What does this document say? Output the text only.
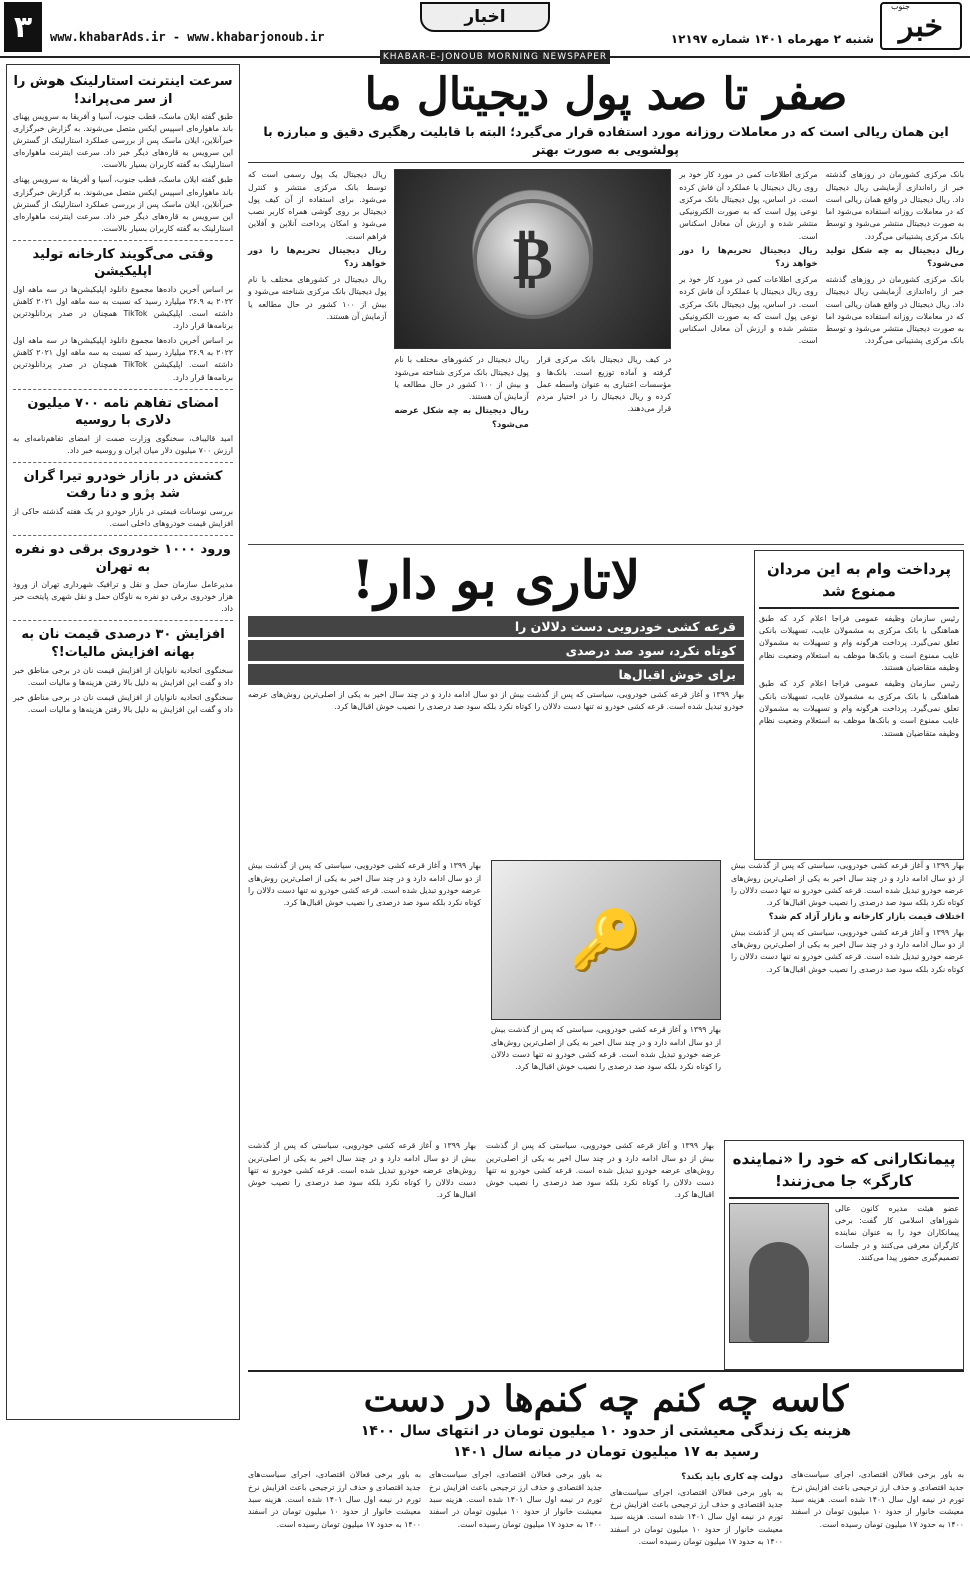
خبر
جنوب
شنبه ۲ مهرماه ۱۴۰۱ شماره ۱۲۱۹۷
اخبار
www.khabarAds.ir - www.khabarjonoub.ir
۳
KHABAR-E-JONOUB MORNING NEWSPAPER
سرعت اینترنت استارلینک هوش را از سر می‌پراند!

طبق گفته ایلان ماسک، قطب جنوب، آسیا و آفریقا به سرویس پهنای باند ماهواره‌ای اسپیس ایکس متصل می‌شوند. به گزارش خبرگزاری خبرآنلاین، ایلان ماسک پس از بررسی عملکرد استارلینک از گسترش این سرویس به قاره‌های دیگر خبر داد. سرعت اینترنت ماهواره‌ای استارلینک به گفته کاربران بسیار بالاست.

طبق گفته ایلان ماسک، قطب جنوب، آسیا و آفریقا به سرویس پهنای باند ماهواره‌ای اسپیس ایکس متصل می‌شوند. به گزارش خبرگزاری خبرآنلاین، ایلان ماسک پس از بررسی عملکرد استارلینک از گسترش این سرویس به قاره‌های دیگر خبر داد. سرعت اینترنت ماهواره‌ای استارلینک به گفته کاربران بسیار بالاست.

وقتی می‌گویند کارخانه تولید اپلیکیشن

بر اساس آخرین داده‌ها مجموع دانلود اپلیکیشن‌ها در سه ماهه اول ۲۰۲۲ به ۳۶.۹ میلیارد رسید که نسبت به سه ماهه اول ۲۰۲۱ کاهش داشته است. اپلیکیشن TikTok همچنان در صدر پردانلودترین برنامه‌ها قرار دارد.

بر اساس آخرین داده‌ها مجموع دانلود اپلیکیشن‌ها در سه ماهه اول ۲۰۲۲ به ۳۶.۹ میلیارد رسید که نسبت به سه ماهه اول ۲۰۲۱ کاهش داشته است. اپلیکیشن TikTok همچنان در صدر پردانلودترین برنامه‌ها قرار دارد.

امضای تفاهم نامه ۷۰۰ میلیون دلاری با روسیه

امید قالیباف، سخنگوی وزارت صمت از امضای تفاهم‌نامه‌ای به ارزش ۷۰۰ میلیون دلار میان ایران و روسیه خبر داد.

کشش در بازار خودرو تیرا گران شد پژو و دنا رفت

بررسی نوسانات قیمتی در بازار خودرو در یک هفته گذشته حاکی از افزایش قیمت خودروهای داخلی است.

ورود ۱۰۰۰ خودروی برقی دو نفره به تهران

مدیرعامل سازمان حمل و نقل و ترافیک شهرداری تهران از ورود هزار خودروی برقی دو نفره به ناوگان حمل و نقل شهری پایتخت خبر داد.

افزایش ۳۰ درصدی قیمت نان به بهانه افزایش مالیات!؟

سخنگوی اتحادیه نانوایان از افزایش قیمت نان در برخی مناطق خبر داد و گفت این افزایش به دلیل بالا رفتن هزینه‌ها و مالیات است.

سخنگوی اتحادیه نانوایان از افزایش قیمت نان در برخی مناطق خبر داد و گفت این افزایش به دلیل بالا رفتن هزینه‌ها و مالیات است.

صفر تا صد پول دیجیتال ما
این همان ریالی است که در معاملات روزانه مورد استفاده قرار می‌گیرد؛ البته با قابلیت رهگیری دقیق و مبارزه با پولشویی به صورت بهتر
بانک مرکزی کشورمان در روزهای گذشته خبر از راه‌اندازی آزمایشی ریال دیجیتال داد. ریال دیجیتال در واقع همان ریالی است که در معاملات روزانه استفاده می‌شود اما به صورت دیجیتال منتشر می‌شود و توسط بانک مرکزی پشتیبانی می‌گردد.
ریال دیجیتال به چه شکل تولید می‌شود؟
بانک مرکزی کشورمان در روزهای گذشته خبر از راه‌اندازی آزمایشی ریال دیجیتال داد. ریال دیجیتال در واقع همان ریالی است که در معاملات روزانه استفاده می‌شود اما به صورت دیجیتال منتشر می‌شود و توسط بانک مرکزی پشتیبانی می‌گردد.
مرکزی اطلاعات کمی در مورد کار خود بر روی ریال دیجیتال یا عملکرد آن فاش کرده است. در اساس، پول دیجیتال بانک مرکزی نوعی پول است که به صورت الکترونیکی منتشر شده و ارزش آن معادل اسکناس است.
ریال دیجیتال تحریم‌ها را دور خواهد زد؟
مرکزی اطلاعات کمی در مورد کار خود بر روی ریال دیجیتال یا عملکرد آن فاش کرده است. در اساس، پول دیجیتال بانک مرکزی نوعی پول است که به صورت الکترونیکی منتشر شده و ارزش آن معادل اسکناس است.
₿
در کیف ریال دیجیتال بانک مرکزی قرار گرفته و آماده توزیع است. بانک‌ها و مؤسسات اعتباری به عنوان واسطه عمل کرده و ریال دیجیتال را در اختیار مردم قرار می‌دهند.
ریال دیجیتال در کشورهای مختلف با نام پول دیجیتال بانک مرکزی شناخته می‌شود و بیش از ۱۰۰ کشور در حال مطالعه یا آزمایش آن هستند.
ریال دیجیتال به چه شکل عرضه می‌شود؟
ریال دیجیتال یک پول رسمی است که توسط بانک مرکزی منتشر و کنترل می‌شود. برای استفاده از آن کیف پول دیجیتال بر روی گوشی همراه کاربر نصب می‌شود و امکان پرداخت آنلاین و آفلاین فراهم است.
ریال دیجیتال تحریم‌ها را دور خواهد زد؟
ریال دیجیتال در کشورهای مختلف با نام پول دیجیتال بانک مرکزی شناخته می‌شود و بیش از ۱۰۰ کشور در حال مطالعه یا آزمایش آن هستند.
پرداخت وام به این مردان ممنوع شد
رئیس سازمان وظیفه عمومی فراجا اعلام کرد که طبق هماهنگی با بانک مرکزی به مشمولان غایب، تسهیلات بانکی تعلق نمی‌گیرد. پرداخت هرگونه وام و تسهیلات به مشمولان غایب ممنوع است و بانک‌ها موظف به استعلام وضعیت نظام وظیفه متقاضیان هستند.
رئیس سازمان وظیفه عمومی فراجا اعلام کرد که طبق هماهنگی با بانک مرکزی به مشمولان غایب، تسهیلات بانکی تعلق نمی‌گیرد. پرداخت هرگونه وام و تسهیلات به مشمولان غایب ممنوع است و بانک‌ها موظف به استعلام وضعیت نظام وظیفه متقاضیان هستند.
لاتاری بو دار!
قرعه کشی خودرویی دست دلالان را
کوتاه نکرد، سود صد درصدی
برای خوش اقبال‌ها
بهار ۱۳۹۹ و آغاز قرعه کشی خودرویی، سیاستی که پس از گذشت بیش از دو سال ادامه دارد و در چند سال اخیر به یکی از اصلی‌ترین روش‌های عرضه خودرو تبدیل شده است. قرعه کشی خودرو نه تنها دست دلالان را کوتاه نکرد بلکه سود صد درصدی را نصیب خوش اقبال‌ها کرد.
بهار ۱۳۹۹ و آغاز قرعه کشی خودرویی، سیاستی که پس از گذشت بیش از دو سال ادامه دارد و در چند سال اخیر به یکی از اصلی‌ترین روش‌های عرضه خودرو تبدیل شده است. قرعه کشی خودرو نه تنها دست دلالان را کوتاه نکرد بلکه سود صد درصدی را نصیب خوش اقبال‌ها کرد.
اختلاف قیمت بازار کارخانه و بازار آزاد کم شد؟
بهار ۱۳۹۹ و آغاز قرعه کشی خودرویی، سیاستی که پس از گذشت بیش از دو سال ادامه دارد و در چند سال اخیر به یکی از اصلی‌ترین روش‌های عرضه خودرو تبدیل شده است. قرعه کشی خودرو نه تنها دست دلالان را کوتاه نکرد بلکه سود صد درصدی را نصیب خوش اقبال‌ها کرد.
🔑
بهار ۱۳۹۹ و آغاز قرعه کشی خودرویی، سیاستی که پس از گذشت بیش از دو سال ادامه دارد و در چند سال اخیر به یکی از اصلی‌ترین روش‌های عرضه خودرو تبدیل شده است. قرعه کشی خودرو نه تنها دست دلالان را کوتاه نکرد بلکه سود صد درصدی را نصیب خوش اقبال‌ها کرد.
بهار ۱۳۹۹ و آغاز قرعه کشی خودرویی، سیاستی که پس از گذشت بیش از دو سال ادامه دارد و در چند سال اخیر به یکی از اصلی‌ترین روش‌های عرضه خودرو تبدیل شده است. قرعه کشی خودرو نه تنها دست دلالان را کوتاه نکرد بلکه سود صد درصدی را نصیب خوش اقبال‌ها کرد.
پیمانکارانی که خود را «نماینده کارگر» جا می‌زنند!
عضو هیئت مدیره کانون عالی شوراهای اسلامی کار گفت: برخی پیمانکاران خود را به عنوان نماینده کارگران معرفی می‌کنند و در جلسات تصمیم‌گیری حضور پیدا می‌کنند.
بهار ۱۳۹۹ و آغاز قرعه کشی خودرویی، سیاستی که پس از گذشت بیش از دو سال ادامه دارد و در چند سال اخیر به یکی از اصلی‌ترین روش‌های عرضه خودرو تبدیل شده است. قرعه کشی خودرو نه تنها دست دلالان را کوتاه نکرد بلکه سود صد درصدی را نصیب خوش اقبال‌ها کرد.
بهار ۱۳۹۹ و آغاز قرعه کشی خودرویی، سیاستی که پس از گذشت بیش از دو سال ادامه دارد و در چند سال اخیر به یکی از اصلی‌ترین روش‌های عرضه خودرو تبدیل شده است. قرعه کشی خودرو نه تنها دست دلالان را کوتاه نکرد بلکه سود صد درصدی را نصیب خوش اقبال‌ها کرد.
کاسه چه کنم چه کنم‌ها در دست
هزینه یک زندگی معیشتی از حدود ۱۰ میلیون تومان در انتهای سال ۱۴۰۰
رسید به ۱۷ میلیون تومان در میانه سال ۱۴۰۱
به باور برخی فعالان اقتصادی، اجرای سیاست‌های جدید اقتصادی و حذف ارز ترجیحی باعث افزایش نرخ تورم در نیمه اول سال ۱۴۰۱ شده است. هزینه سبد معیشت خانوار از حدود ۱۰ میلیون تومان در اسفند ۱۴۰۰ به حدود ۱۷ میلیون تومان رسیده است.
دولت چه کاری باید بکند؟
به باور برخی فعالان اقتصادی، اجرای سیاست‌های جدید اقتصادی و حذف ارز ترجیحی باعث افزایش نرخ تورم در نیمه اول سال ۱۴۰۱ شده است. هزینه سبد معیشت خانوار از حدود ۱۰ میلیون تومان در اسفند ۱۴۰۰ به حدود ۱۷ میلیون تومان رسیده است.
به باور برخی فعالان اقتصادی، اجرای سیاست‌های جدید اقتصادی و حذف ارز ترجیحی باعث افزایش نرخ تورم در نیمه اول سال ۱۴۰۱ شده است. هزینه سبد معیشت خانوار از حدود ۱۰ میلیون تومان در اسفند ۱۴۰۰ به حدود ۱۷ میلیون تومان رسیده است.
به باور برخی فعالان اقتصادی، اجرای سیاست‌های جدید اقتصادی و حذف ارز ترجیحی باعث افزایش نرخ تورم در نیمه اول سال ۱۴۰۱ شده است. هزینه سبد معیشت خانوار از حدود ۱۰ میلیون تومان در اسفند ۱۴۰۰ به حدود ۱۷ میلیون تومان رسیده است.
